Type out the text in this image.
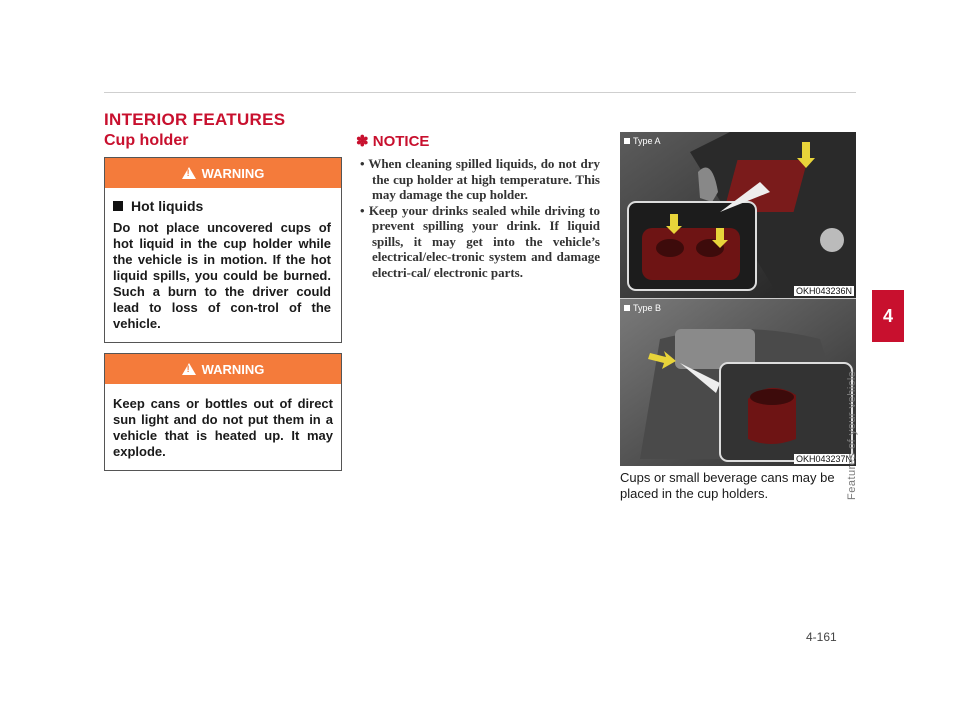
INTERIOR FEATURES
Cup holder
!
WARNING
Hot liquids
Do not place uncovered cups of hot liquid in the cup holder while the vehicle is in motion. If the hot liquid spills, you could be burned. Such a burn to the driver could lead to loss of con-trol of the vehicle.
!
WARNING
Keep cans or bottles out of direct sun light and do not put them in a vehicle that is heated up. It may explode.
✽ NOTICE
• When cleaning spilled liquids, do not dry the cup holder at high temperature. This may damage the cup holder.
• Keep your drinks sealed while driving to prevent spilling your drink. If liquid spills, it may get into the vehicle’s electrical/elec-tronic system and damage electri-cal/ electronic parts.
Type A
OKH043236N
Type B
OKH043237N
Cups or small beverage cans may be placed in the cup holders.
4
Features of your vehicle
4-161
